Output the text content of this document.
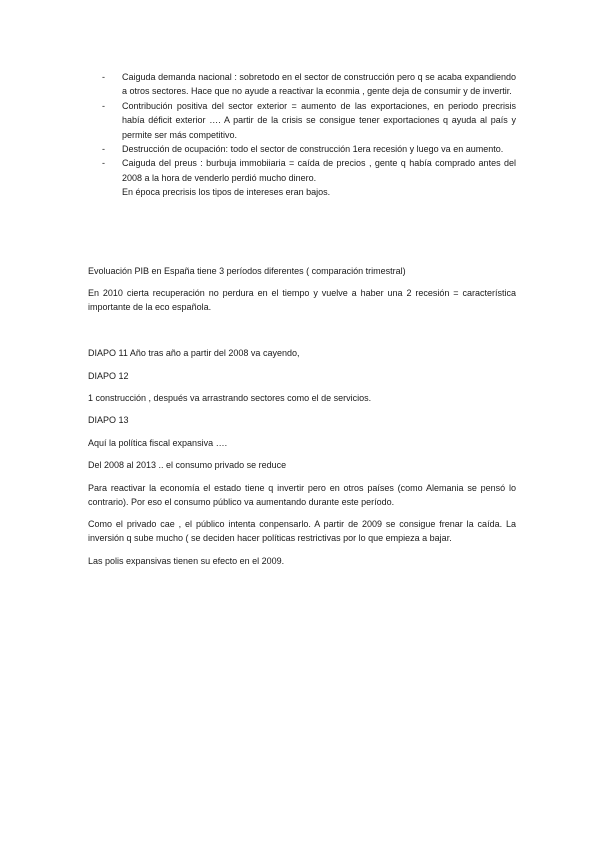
- Caiguda demanda nacional : sobretodo en el sector de construcción pero q se acaba expandiendo a otros sectores. Hace que no ayude a reactivar la econmia , gente deja de consumir y de invertir.

- Contribución positiva del sector exterior = aumento de las exportaciones, en periodo precrisis había déficit exterior …. A partir de la crisis se consigue tener exportaciones q ayuda al país y permite ser más competitivo.

- Destrucción de ocupación: todo el sector de construcción 1era recesión y luego va en aumento.

- Caiguda del preus : burbuja immobiiaria = caída de precios , gente q había comprado antes del 2008 a la hora de venderlo perdió mucho dinero.

En época precrisis los tipos de intereses eran bajos.

Evoluación PIB en España tiene 3 períodos diferentes ( comparación trimestral)

En 2010 cierta recuperación no perdura en el tiempo y vuelve a haber una 2 recesión = característica importante de la eco española.

DIAPO 11 Año tras año a partir del 2008 va cayendo,

DIAPO 12

1 construcción , después va arrastrando sectores como el de servicios.

DIAPO 13

Aquí la política fiscal expansiva ….

Del 2008 al 2013 .. el consumo privado se reduce

Para reactivar la economía el estado tiene q invertir pero en otros países (como Alemania se pensó lo contrario). Por eso el consumo público va aumentando durante este período.

Como el privado cae , el público intenta conpensarlo. A partir de 2009 se consigue frenar la caída. La inversión q sube mucho ( se deciden hacer políticas restrictivas por lo que empieza a bajar.

Las polis expansivas tienen su efecto en el 2009.
